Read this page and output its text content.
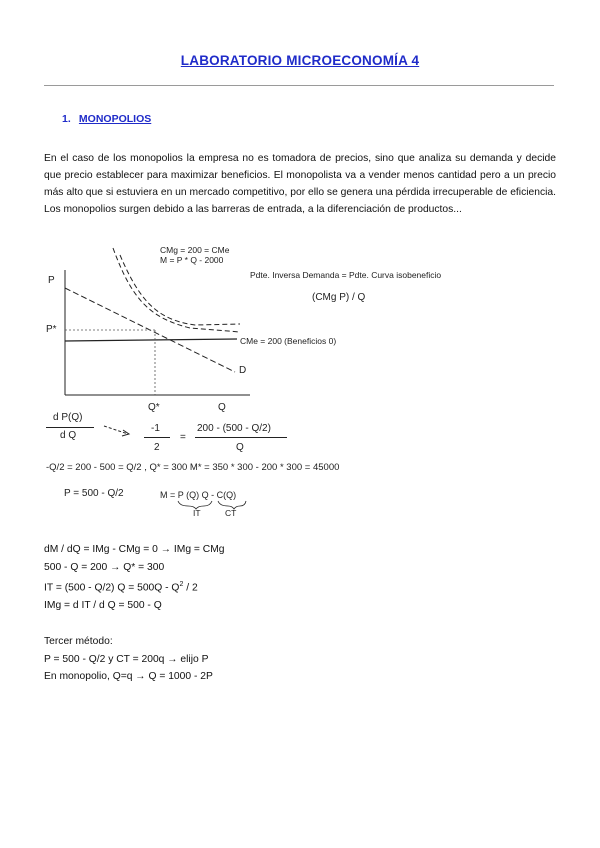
LABORATORIO MICROECONOMÍA 4
1. MONOPOLIOS
En el caso de los monopolios la empresa no es tomadora de precios, sino que analiza su demanda y decide que precio establecer para maximizar beneficios. El monopolista va a vender menos cantidad pero a un precio más alto que si estuviera en un mercado competitivo, por ello se genera una pérdida irrecuperable de eficiencia. Los monopolios surgen debido a las barreras de entrada, a la diferenciación de productos...
CMg = 200 = CMe
M = P * Q - 2000
Pdte. Inversa Demanda = Pdte. Curva isobeneficio
(CMg P) / Q
P
P*
CMe = 200 (Beneficios 0)
D
Q*	Q
d P(Q)
d Q
-1
2
=
200 - (500 - Q/2)
Q
-Q/2 = 200 - 500 = Q/2 , Q* = 300 M* = 350 * 300 - 200 * 300 = 45000
P = 500 - Q/2	M = P (Q) Q - C(Q)
IT	CT
dM / dQ = IMg - CMg = 0 → IMg = CMg
500 - Q = 200 → Q* = 300
IT = (500 - Q/2) $Q = 500Q - Q^2 / 2$
IMg = d IT / d Q = 500 - Q
Tercer método:
P = 500 - Q/2 y CT = 200q → elijo P
En monopolio, Q=q → Q = 1000 - 2P
